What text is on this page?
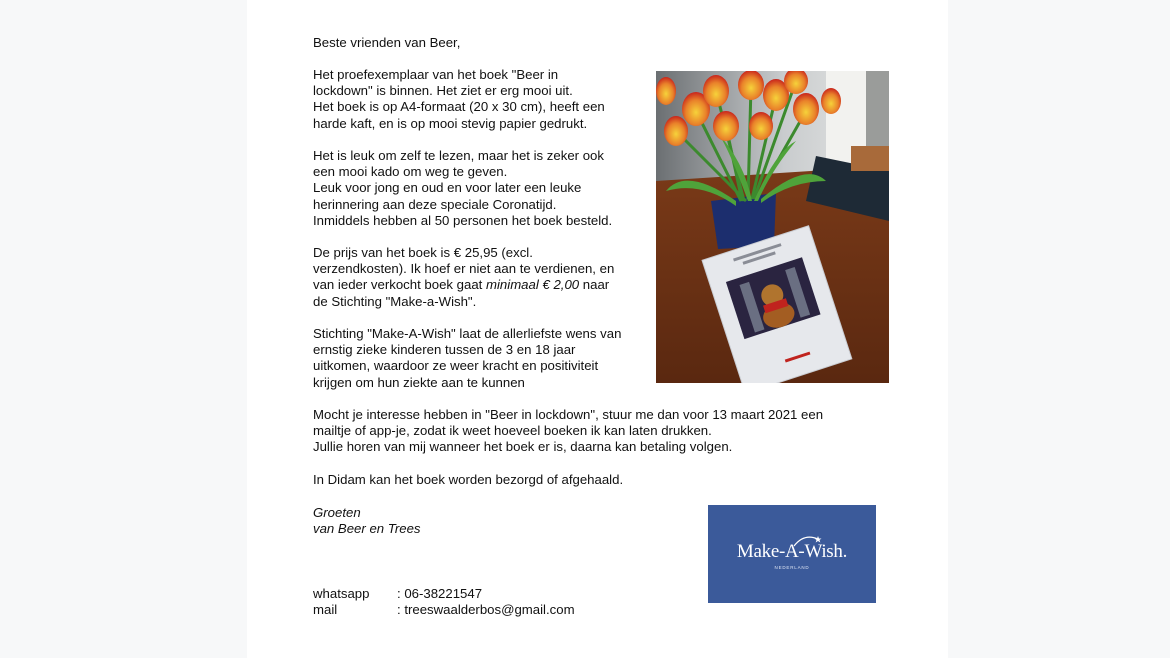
Beste vrienden van Beer,
Het proefexemplaar van het boek "Beer in
lockdown" is binnen. Het ziet er erg mooi uit.
Het boek is op A4-formaat (20 x 30 cm), heeft een
harde kaft, en is op mooi stevig papier gedrukt.
Het is leuk om zelf te lezen, maar het is zeker ook
een mooi kado om weg te geven.
Leuk voor jong en oud en voor later een leuke
herinnering aan deze speciale Coronatijd.
Inmiddels hebben al 50 personen het boek besteld.
De prijs van het boek is € 25,95 (excl.
verzendkosten). Ik hoef er niet aan te verdienen, en
van ieder verkocht boek gaat minimaal € 2,00 naar
de Stichting "Make-a-Wish".
Stichting "Make-A-Wish" laat de allerliefste wens van
ernstig zieke kinderen tussen de 3 en 18 jaar
uitkomen, waardoor ze weer kracht en positiviteit
krijgen om hun ziekte aan te kunnen
Mocht je interesse hebben in "Beer in lockdown", stuur me dan voor 13 maart 2021 een
mailtje of app-je, zodat ik weet hoeveel boeken ik kan laten drukken.
Jullie horen van mij wanneer het boek er is, daarna kan betaling volgen.
In Didam kan het boek worden bezorgd of afgehaald.
Groeten
van Beer en Trees
whatsapp : 06-38221547
mail	: treeswaalderbos@gmail.com
Make-A-Wish.
NEDERLAND
